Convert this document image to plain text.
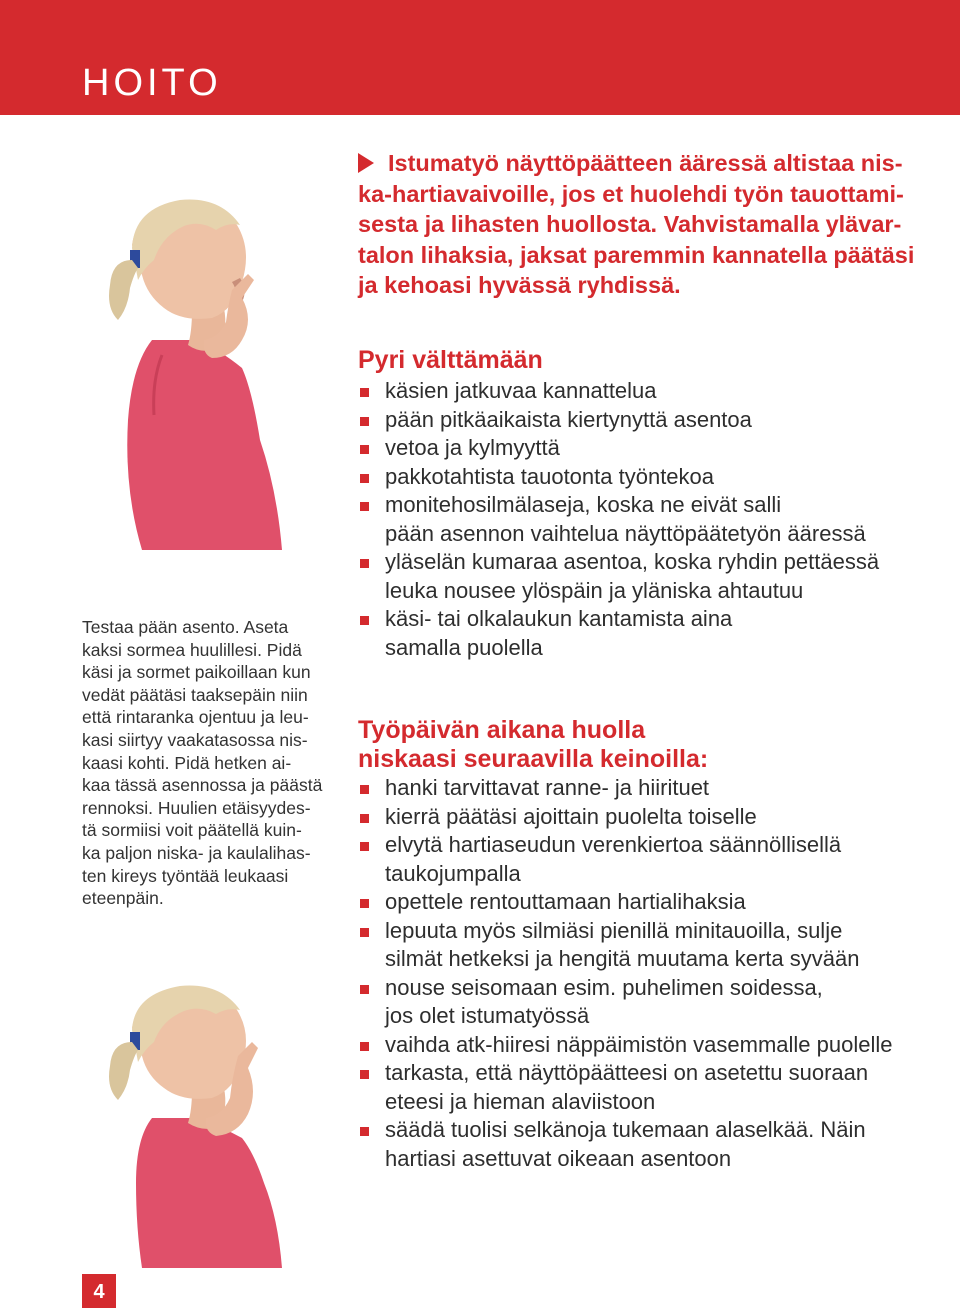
HOITO
Istumatyö näyttöpäätteen ääressä altistaa nis-
ka-hartiavaivoille, jos et huolehdi työn tauottami-
sesta ja lihasten huollosta. Vahvistamalla ylävar-
talon lihaksia, jaksat paremmin kannatella päätäsi
ja kehoasi hyvässä ryhdissä.
Pyri välttämään
käsien jatkuvaa kannattelua
pään pitkäaikaista kiertynyttä asentoa
vetoa ja kylmyyttä
pakkotahtista tauotonta työntekoa
monitehosilmälaseja, koska ne eivät salli
pään asennon vaihtelua näyttöpäätetyön ääressä
yläselän kumaraa asentoa, koska ryhdin pettäessä
leuka nousee ylöspäin ja yläniska ahtautuu
käsi- tai olkalaukun kantamista aina
samalla puolella
Työpäivän aikana huolla
niskaasi seuraavilla keinoilla:
hanki tarvittavat ranne- ja hiirituet
kierrä päätäsi ajoittain puolelta toiselle
elvytä hartiaseudun verenkiertoa säännöllisellä
taukojumpalla
opettele rentouttamaan hartialihaksia
lepuuta myös silmiäsi pienillä minitauoilla, sulje
silmät hetkeksi ja hengitä muutama kerta syvään
nouse seisomaan esim. puhelimen soidessa,
jos olet istumatyössä
vaihda atk-hiiresi näppäimistön vasemmalle puolelle
tarkasta, että näyttöpäätteesi on asetettu suoraan
eteesi ja hieman alaviistoon
säädä tuolisi selkänoja tukemaan alaselkää. Näin
hartiasi asettuvat oikeaan asentoon
Testaa pään asento. Aseta
kaksi sormea huulillesi. Pidä
käsi ja sormet paikoillaan kun
vedät päätäsi taaksepäin niin
että rintaranka ojentuu ja leu-
kasi siirtyy vaakatasossa nis-
kaasi kohti. Pidä hetken ai-
kaa tässä asennossa ja päästä
rennoksi. Huulien etäisyydes-
tä sormiisi voit päätellä kuin-
ka paljon niska- ja kaulalihas-
ten kireys työntää leukaasi
eteenpäin.
4
